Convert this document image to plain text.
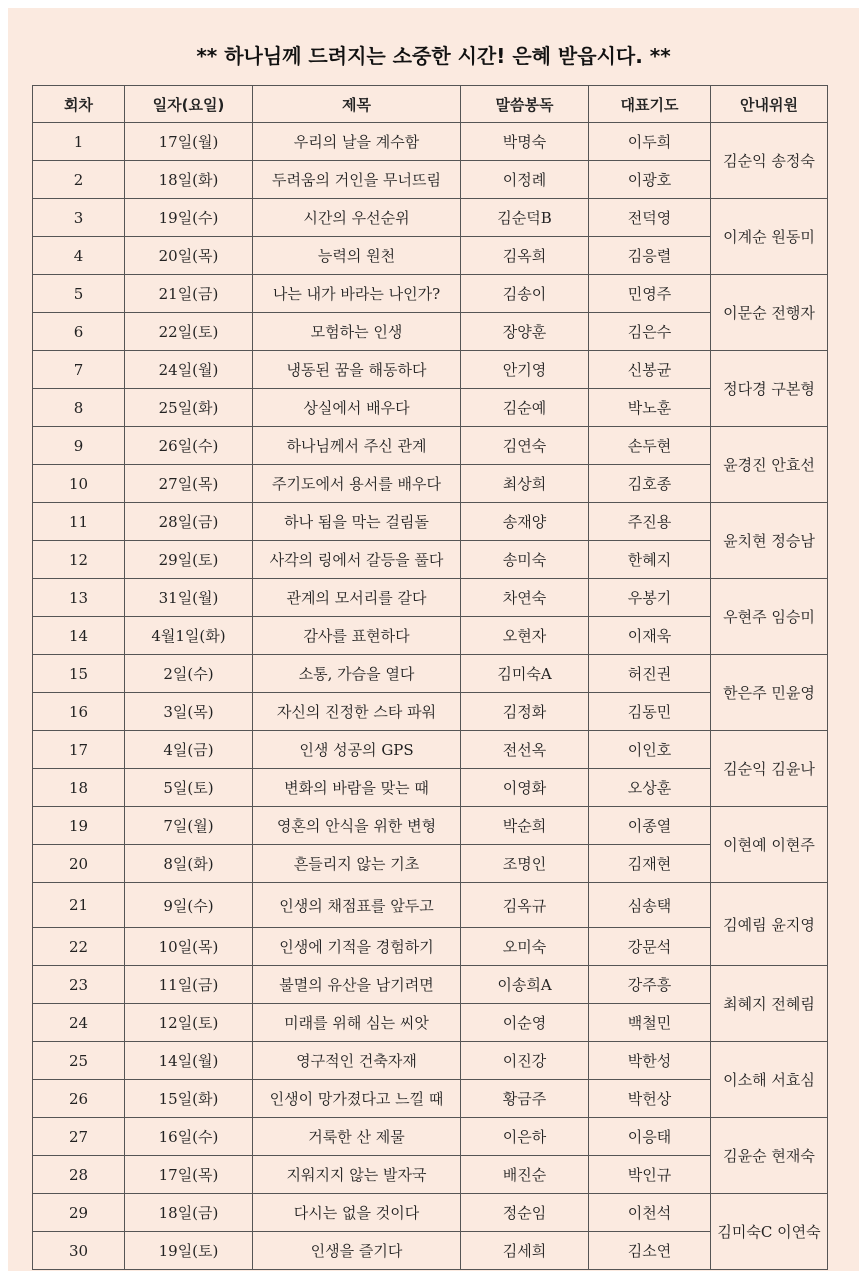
** 하나님께 드려지는 소중한 시간! 은혜 받읍시다. **
회차	일자(요일)	제목	말씀봉독	대표기도	안내위원
1	17일(월)	우리의 날을 계수함	박명숙	이두희	김순익 송정숙
2	18일(화)	두려움의 거인을 무너뜨림	이정례	이광호	
3	19일(수)	시간의 우선순위	김순덕B	전덕영	이계순 원동미
4	20일(목)	능력의 원천	김옥희	김응렬	
5	21일(금)	나는 내가 바라는 나인가?	김송이	민영주	이문순 전행자
6	22일(토)	모험하는 인생	장양훈	김은수	
7	24일(월)	냉동된 꿈을 해동하다	안기영	신봉균	정다경 구본형
8	25일(화)	상실에서 배우다	김순예	박노훈	
9	26일(수)	하나님께서 주신 관계	김연숙	손두현	윤경진 안효선
10	27일(목)	주기도에서 용서를 배우다	최상희	김호종	
11	28일(금)	하나 됨을 막는 걸림돌	송재양	주진용	윤치현 정승남
12	29일(토)	사각의 링에서 갈등을 풀다	송미숙	한혜지	
13	31일(월)	관계의 모서리를 갈다	차연숙	우봉기	우현주 임승미
14	4월1일(화)	감사를 표현하다	오현자	이재욱	
15	2일(수)	소통, 가슴을 열다	김미숙A	허진권	한은주 민윤영
16	3일(목)	자신의 진정한 스타 파워	김정화	김동민	
17	4일(금)	인생 성공의 GPS	전선옥	이인호	김순익 김윤나
18	5일(토)	변화의 바람을 맞는 때	이영화	오상훈	
19	7일(월)	영혼의 안식을 위한 변형	박순희	이종열	이현예 이현주
20	8일(화)	흔들리지 않는 기초	조명인	김재현	
21	9일(수)	인생의 채점표를 앞두고	김옥규	심송택	김예림 윤지영
22	10일(목)	인생에 기적을 경험하기	오미숙	강문석	
23	11일(금)	불멸의 유산을 남기려면	이송희A	강주흥	최혜지 전혜림
24	12일(토)	미래를 위해 심는 씨앗	이순영	백철민	
25	14일(월)	영구적인 건축자재	이진강	박한성	이소해 서효심
26	15일(화)	인생이 망가졌다고 느낄 때	황금주	박헌상	
27	16일(수)	거룩한 산 제물	이은하	이응태	김윤순 현재숙
28	17일(목)	지워지지 않는 발자국	배진순	박인규	
29	18일(금)	다시는 없을 것이다	정순임	이천석	김미숙C 이연숙
30	19일(토)	인생을 즐기다	김세희	김소연	
